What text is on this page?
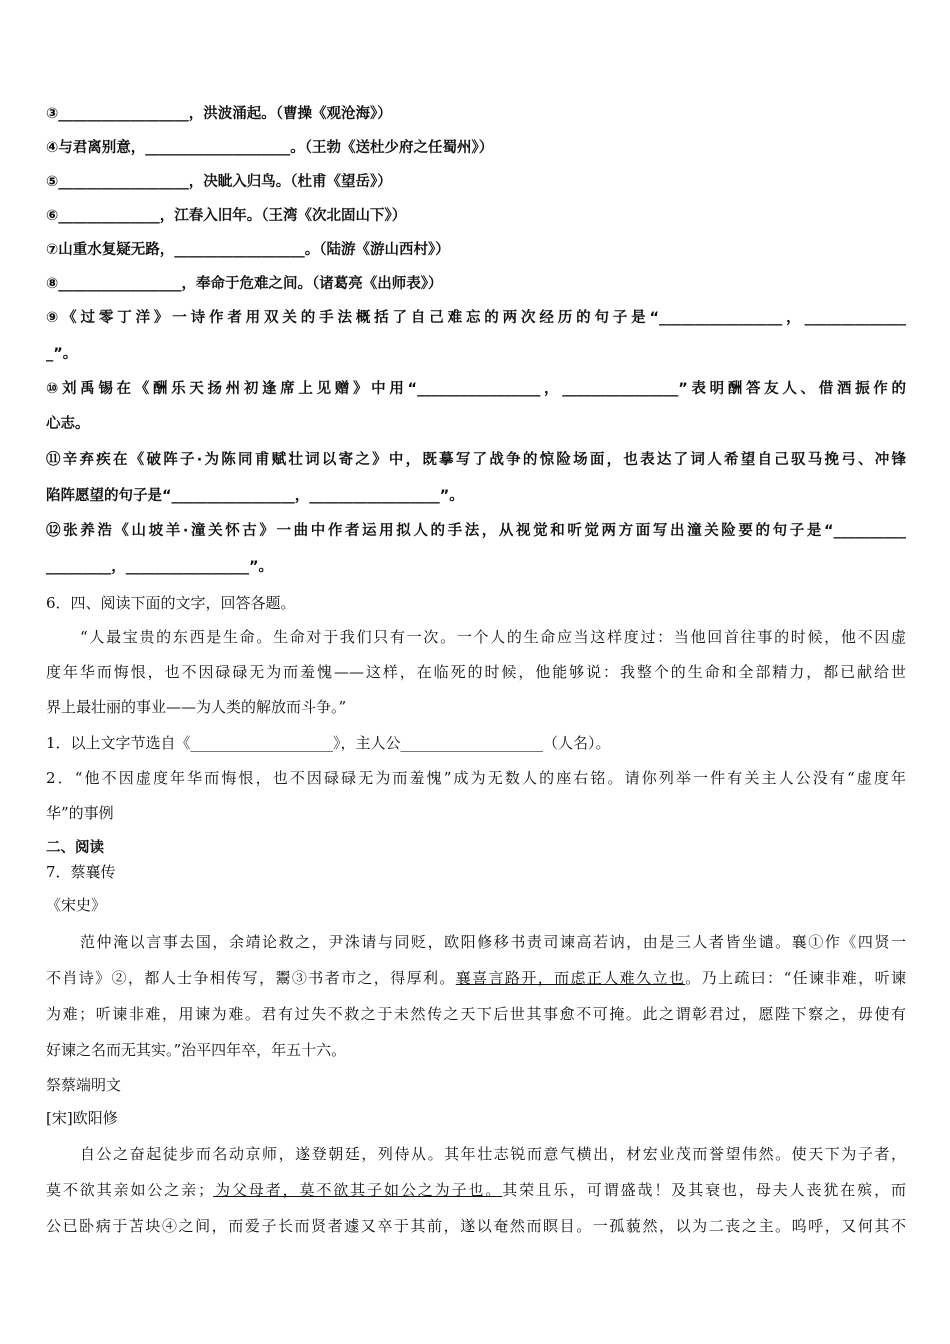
③__________________，洪波涌起。（曹操《观沧海》）
④与君离别意，____________________。（王勃《送杜少府之任蜀州》）
⑤__________________，决眦入归鸟。（杜甫《望岳》）
⑥______________，江春入旧年。（王湾《次北固山下》）
⑦山重水复疑无路，__________________。（陆游《游山西村》）
⑧_________________，奉命于危难之间。（诸葛亮《出师表》）
⑨《过零丁洋》一诗作者用双关的手法概括了自己难忘的两次经历的句子是“_________________，______________
_”。
⑩刘禹锡在《酬乐天扬州初逢席上见赠》中用“_________________，________________”表明酬答友人、借酒振作的
心志。
⑪辛弃疾在《破阵子·为陈同甫赋壮词以寄之》中，既摹写了战争的惊险场面，也表达了词人希望自己驭马挽弓、冲锋
陷阵愿望的句子是“_________________，__________________”。
⑫张养浩《山坡羊·潼关怀古》一曲中作者运用拟人的手法，从视觉和听觉两方面写出潼关险要的句子是“__________
_________，_________________”。
6．四、阅读下面的文字，回答各题。
“人最宝贵的东西是生命。生命对于我们只有一次。一个人的生命应当这样度过：当他回首往事的时候，他不因虚
度年华而悔恨，也不因碌碌无为而羞愧——这样，在临死的时候，他能够说：我整个的生命和全部精力，都已献给世
界上最壮丽的事业——为人类的解放而斗争。”
1．以上文字节选自《___________________》，主人公___________________（人名）。
2．“他不因虚度年华而悔恨，也不因碌碌无为而羞愧”成为无数人的座右铭。请你列举一件有关主人公没有“虚度年
华”的事例
二、阅读
7．蔡襄传
《宋史》
范仲淹以言事去国，余靖论救之，尹洙请与同贬，欧阳修移书责司谏高若讷，由是三人者皆坐谴。襄①作《四贤一
不肖诗》②，都人士争相传写，鬻③书者市之，得厚利。襄喜言路开，而虑正人难久立也。乃上疏曰：“任谏非难，听谏
为难；听谏非难，用谏为难。君有过失不救之于未然传之天下后世其事愈不可掩。此之谓彰君过，愿陛下察之，毋使有
好谏之名而无其实。”治平四年卒，年五十六。
祭蔡端明文
[宋]欧阳修
自公之奋起徒步而名动京师，遂登朝廷，列侍从。其年壮志锐而意气横出，材宏业茂而誉望伟然。使天下为子者，
莫不欲其亲如公之亲；为父母者，莫不欲其子如公之为子也。其荣且乐，可谓盛哉！及其衰也，母夫人丧犹在殡，而
公已卧病于苫块④之间，而爱子长而贤者遽又卒于其前，遂以奄然而瞑目。一孤藐然，以为二丧之主。呜呼，又何其不
